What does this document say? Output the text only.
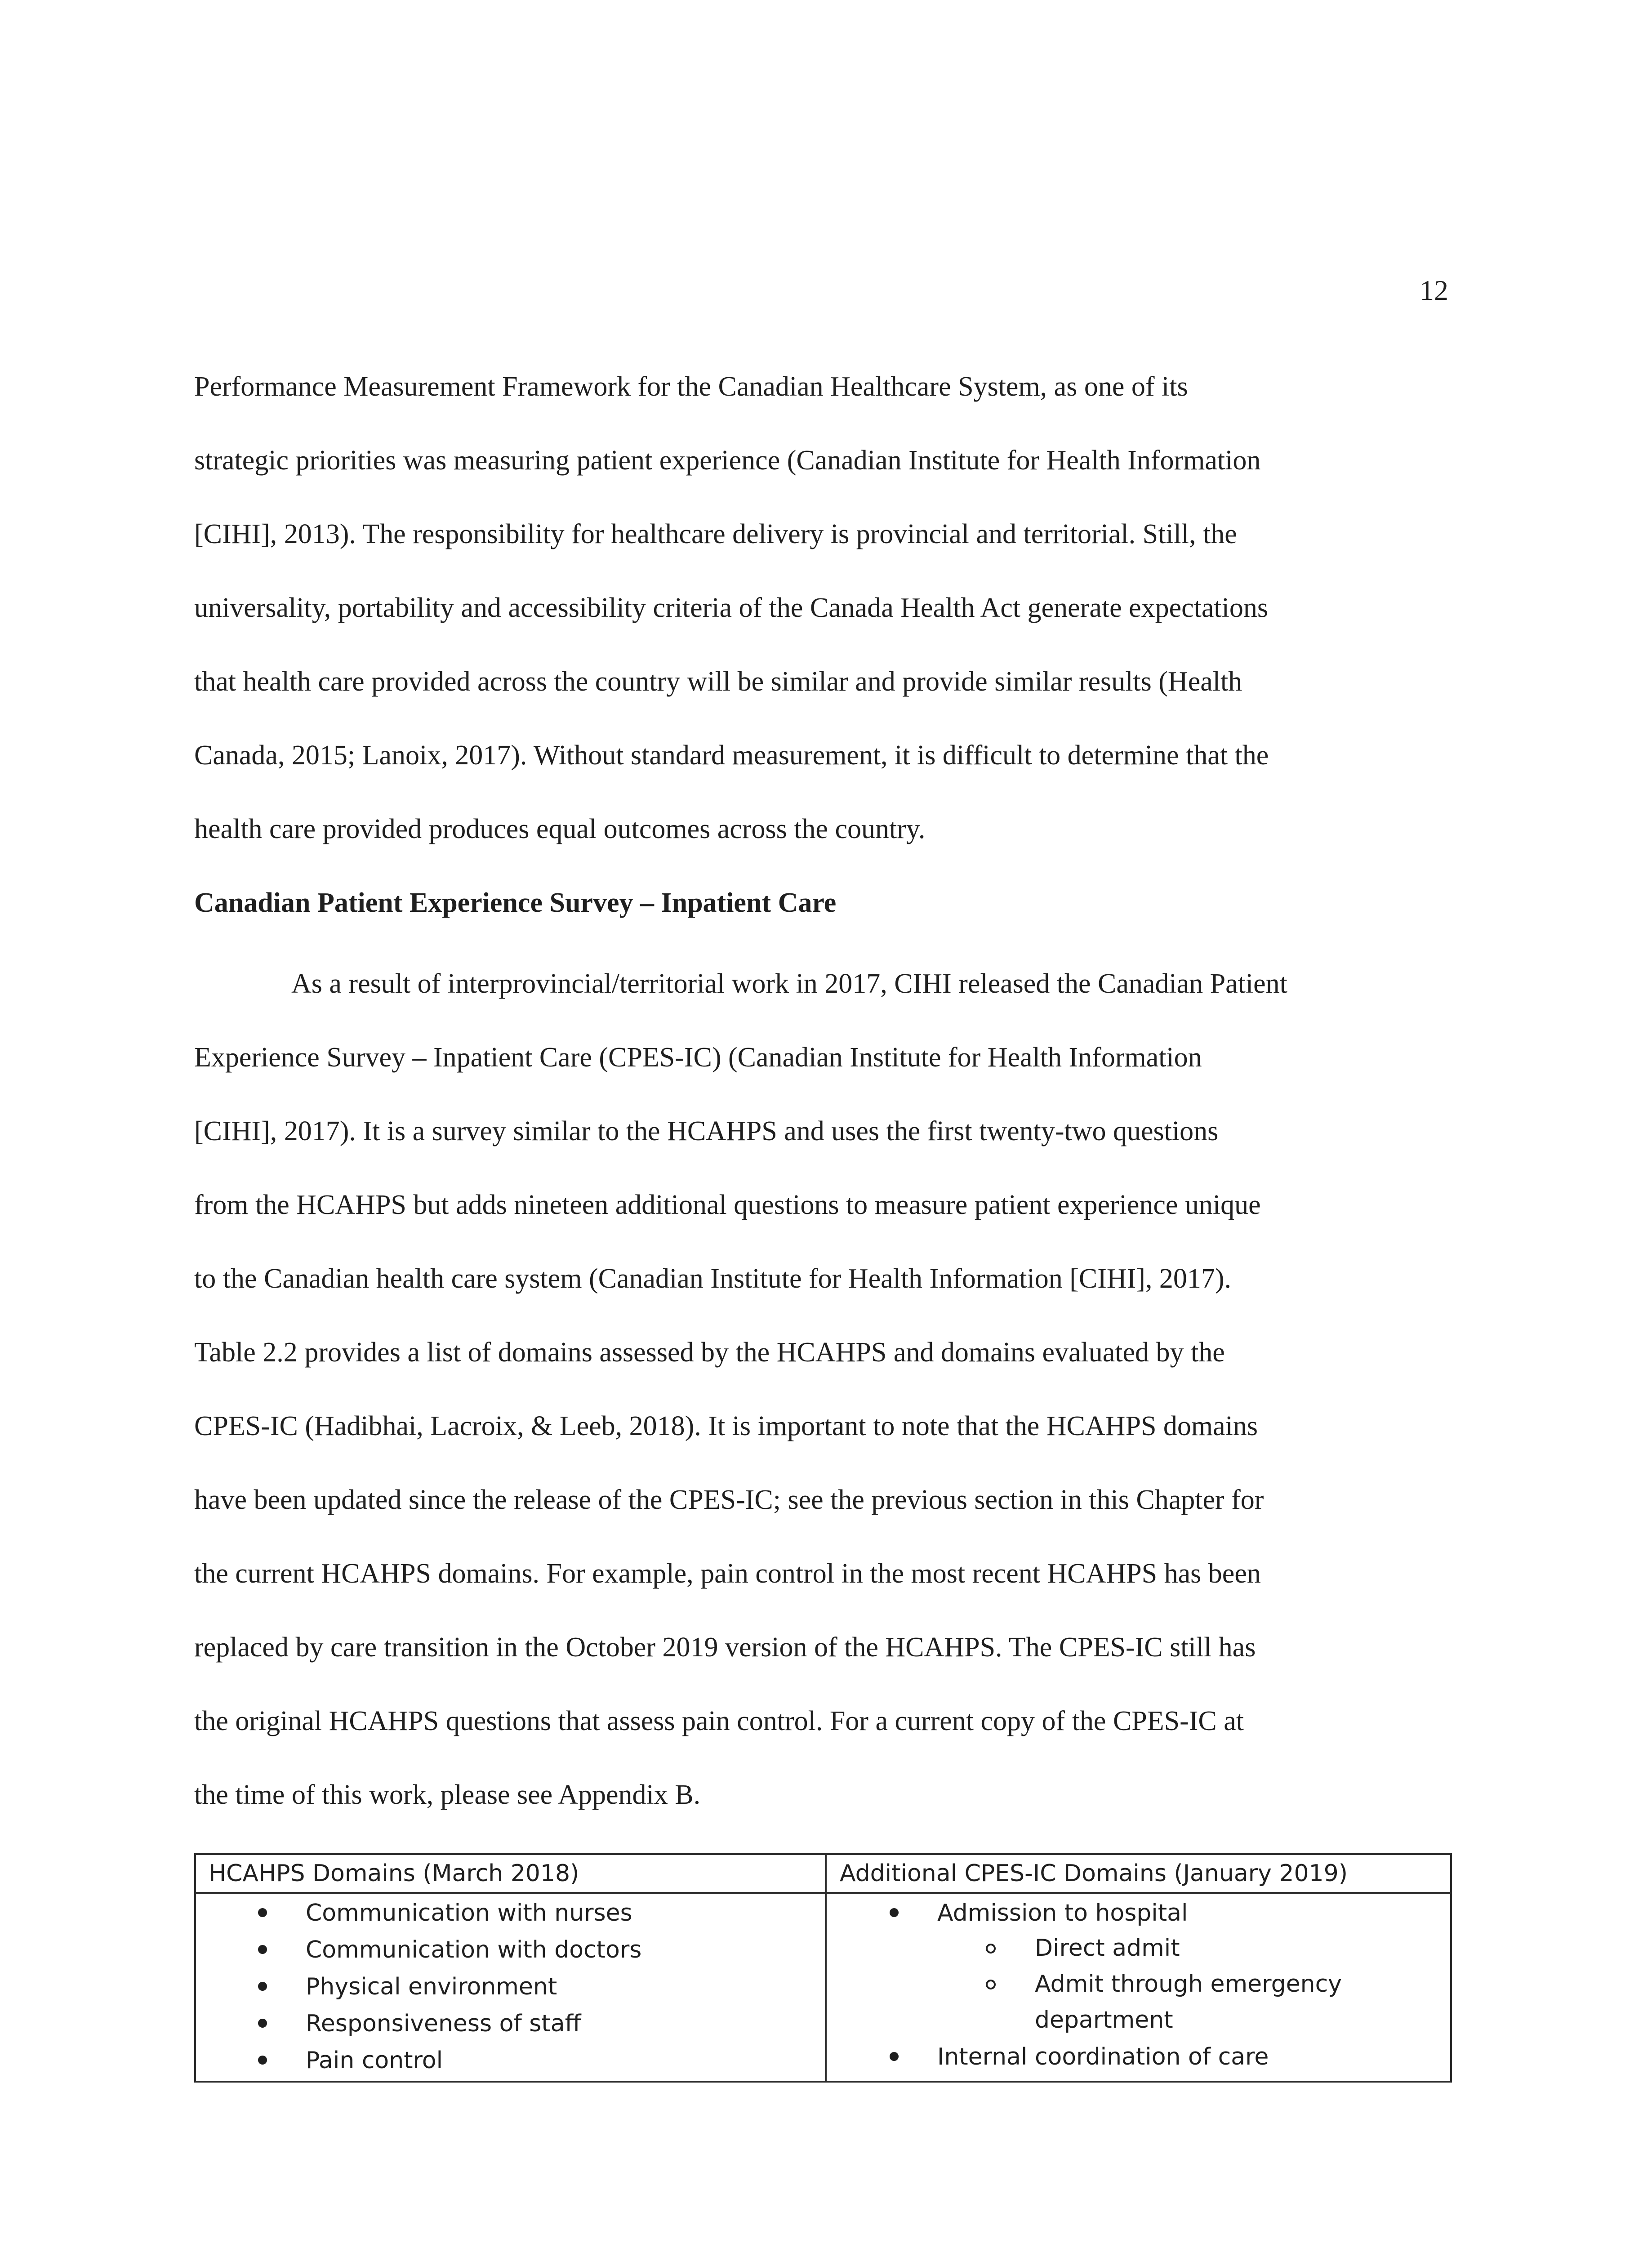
12

Performance Measurement Framework for the Canadian Healthcare System, as one of its

strategic priorities was measuring patient experience (Canadian Institute for Health Information

[CIHI], 2013). The responsibility for healthcare delivery is provincial and territorial. Still, the

universality, portability and accessibility criteria of the Canada Health Act generate expectations

that health care provided across the country will be similar and provide similar results (Health

Canada, 2015; Lanoix, 2017). Without standard measurement, it is difficult to determine that the

health care provided produces equal outcomes across the country.

Canadian Patient Experience Survey – Inpatient Care

As a result of interprovincial/territorial work in 2017, CIHI released the Canadian Patient

Experience Survey – Inpatient Care (CPES-IC) (Canadian Institute for Health Information

[CIHI], 2017). It is a survey similar to the HCAHPS and uses the first twenty-two questions

from the HCAHPS but adds nineteen additional questions to measure patient experience unique

to the Canadian health care system (Canadian Institute for Health Information [CIHI], 2017).

Table 2.2 provides a list of domains assessed by the HCAHPS and domains evaluated by the

CPES-IC (Hadibhai, Lacroix, & Leeb, 2018). It is important to note that the HCAHPS domains

have been updated since the release of the CPES-IC; see the previous section in this Chapter for

the current HCAHPS domains. For example, pain control in the most recent HCAHPS has been

replaced by care transition in the October 2019 version of the HCAHPS. The CPES-IC still has

the original HCAHPS questions that assess pain control. For a current copy of the CPES-IC at

the time of this work, please see Appendix B.

HCAHPS Domains (March 2018)	Additional CPES-IC Domains (January 2019)
Communication with nurses
Communication with doctors
Physical environment
Responsiveness of staff
Pain control
Admission to hospital
Direct admit
Admit through emergency
department
Internal coordination of care
